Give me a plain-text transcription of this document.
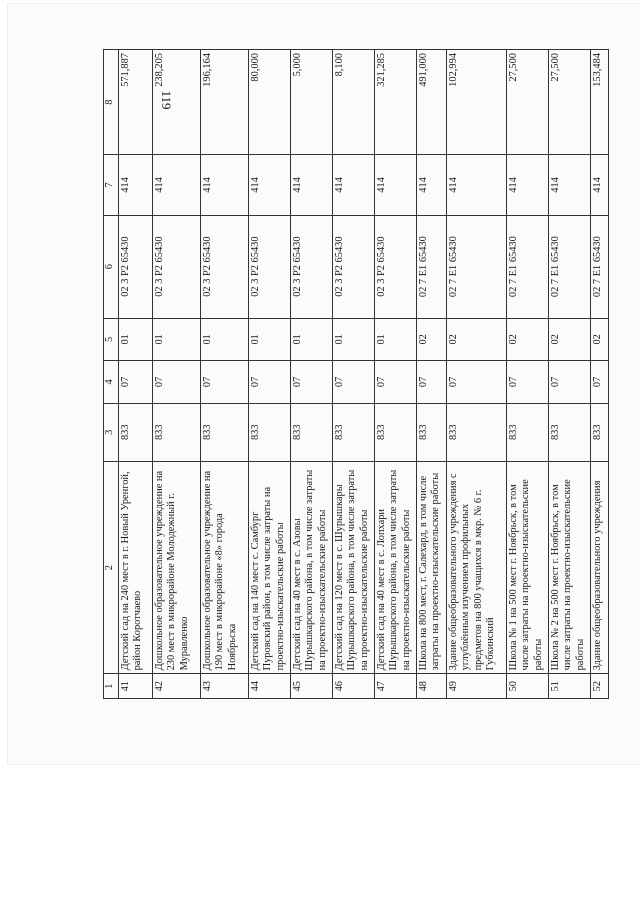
119
1	2	3	4	5	6	7	8
41	Детский сад на 240 мест в г. Новый Уренгой, район Коротчаево	833	07	01	02 3 P2 65430	414	571,887
42	Дошкольное образовательное учреждение на 230 мест в микрорайоне Молодежный г. Муравленко	833	07	01	02 3 P2 65430	414	238,205
43	Дошкольное образовательное учреждение на 190 мест в микрорайоне «8» города Ноябрьска	833	07	01	02 3 P2 65430	414	196,164
44	Детский сад на 140 мест с. Самбург Пуровский район, в том числе затраты на проектно-изыскательские работы	833	07	01	02 3 P2 65430	414	80,000
45	Детский сад на 40 мест в с. Азовы Шурышкарского района, в том числе затраты на проектно-изыскательские работы	833	07	01	02 3 P2 65430	414	5,000
46	Детский сад на 120 мест в с. Шурышкары Шурышкарского района, в том числе затраты на проектно-изыскательские работы	833	07	01	02 3 P2 65430	414	8,100
47	Детский сад на 40 мест в с. Лопхари Шурышкарского района, в том числе затраты на проектно-изыскательские работы	833	07	01	02 3 P2 65430	414	321,285
48	Школа на 800 мест, г. Салехард, в том числе затраты на проектно-изыскательские работы	833	07	02	02 7 E1 65430	414	491,000
49	Здание общеобразовательного учреждения с углублённым изучением профильных предметов на 800 учащихся в мкр. № 6 г. Губкинский	833	07	02	02 7 E1 65430	414	102,994
50	Школа № 1 на 500 мест г. Ноябрьск, в том числе затраты на проектно-изыскательские работы	833	07	02	02 7 E1 65430	414	27,500
51	Школа № 2 на 500 мест г. Ноябрьск, в том числе затраты на проектно-изыскательские работы	833	07	02	02 7 E1 65430	414	27,500
52	Здание общеобразовательного учреждения	833	07	02	02 7 E1 65430	414	153,484
